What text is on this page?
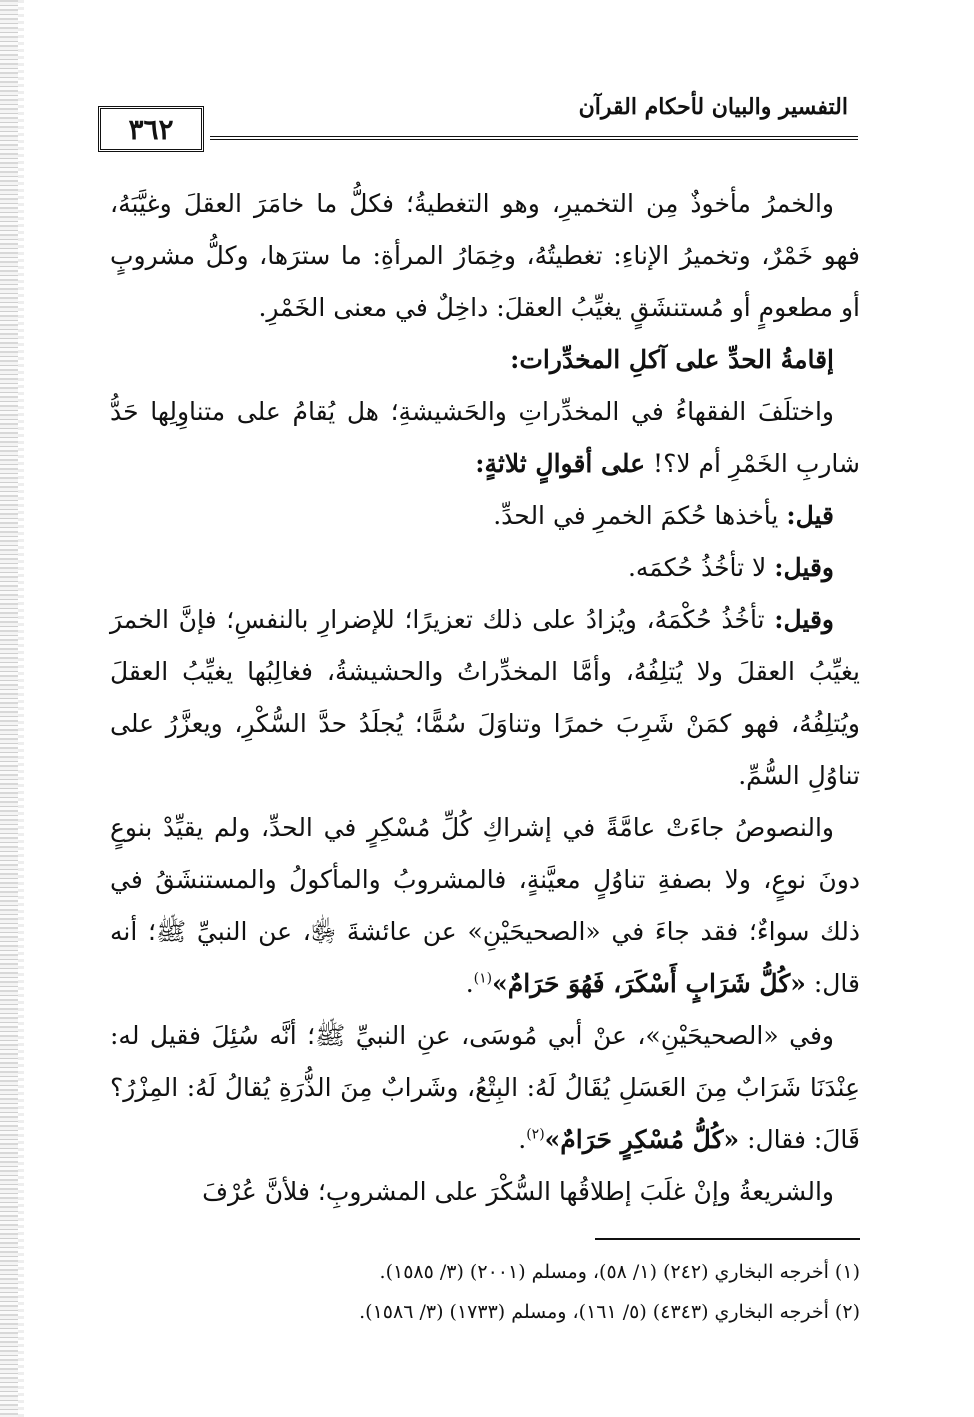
التفسير والبيان لأحكام القرآن
٣٦٢

والخمرُ مأخوذٌ مِن التخميرِ، وهو التغطيةُ؛ فكلُّ ما خامَرَ العقلَ وغيَّبَهُ، فهو خَمْرٌ، وتخميرُ الإناءِ: تغطيتُهُ، وخِمَارُ المرأةِ: ما سترَها، وكلُّ مشروبٍ أو مطعومٍ أو مُستنشَقٍ يغيِّبُ العقلَ: داخِلٌ في معنى الخَمْرِ.

إقامةُ الحدِّ على آكلِ المخدِّرات:

واختلَفَ الفقهاءُ في المخدِّراتِ والحَشيشةِ؛ هل يُقامُ على متناوِلِها حَدُّ شاربِ الخَمْرِ أم لا؟! على أقوالٍ ثلاثةٍ:

قيل: يأخذها حُكمَ الخمرِ في الحدِّ.

وقيل: لا تأخُذُ حُكمَه.

وقيل: تأخُذُ حُكْمَهُ، ويُزادُ على ذلك تعزيرًا؛ للإضرارِ بالنفسِ؛ فإنَّ الخمرَ يغيِّبُ العقلَ ولا يُتلِفُهُ، وأمَّا المخدِّراتُ والحشيشةُ، فغالِبُها يغيِّبُ العقلَ ويُتلِفُهُ، فهو كمَنْ شَرِبَ خمرًا وتناوَلَ سُمًّا؛ يُجلَدُ حدَّ السُّكْرِ، ويعزَّرُ على تناوُلِ السُّمِّ.

والنصوصُ جاءَتْ عامَّةً في إشراكِ كُلِّ مُسْكِرٍ في الحدِّ، ولم يقيِّدْ بنوعٍ دونَ نوعٍ، ولا بصفةِ تناوُلٍ معيَّنةٍ، فالمشروبُ والمأكولُ والمستنشَقُ في ذلك سواءٌ؛ فقد جاءَ في «الصحيحَيْنِ» عن عائشةَ ﵂، عن النبيِّ ﷺ؛ أنه قال: «كُلُّ شَرَابٍ أَسْكَرَ، فَهُوَ حَرَامٌ»$^{(١)}$.

وفي «الصحيحَيْنِ»، عنْ أبي مُوسَى، عنِ النبيِّ ﷺ؛ أنَّه سُئِلَ فقيل له: عِنْدَنَا شَرَابٌ مِنَ العَسَلِ يُقَالُ لَهُ: البِتْعُ، وشَرابٌ مِنَ الذُّرَةِ يُقالُ لَهُ: المِزْرُ؟ قَالَ: فقال: «كُلُّ مُسْكِرٍ حَرَامٌ»$^{(٢)}$.

والشريعةُ وإنْ غلَبَ إطلاقُها السُّكْرَ على المشروبِ؛ فلأنَّ عُرْفَ

(١) أخرجه البخاري (٢٤٢) (١/ ٥٨)، ومسلم (٢٠٠١) (٣/ ١٥٨٥).
(٢) أخرجه البخاري (٤٣٤٣) (٥/ ١٦١)، ومسلم (١٧٣٣) (٣/ ١٥٨٦).
